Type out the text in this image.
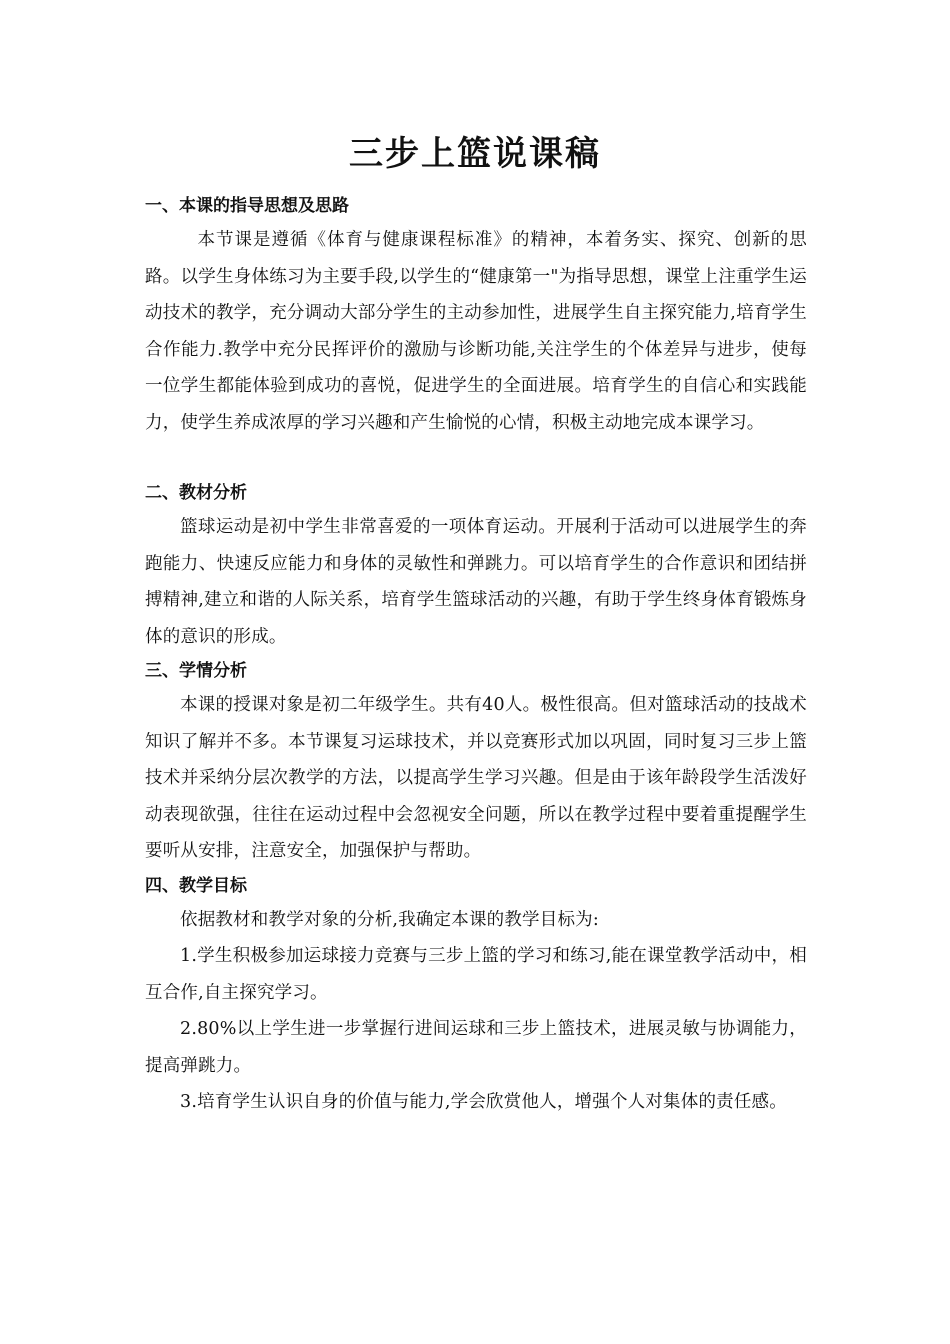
三步上篮说课稿
一、本课的指导思想及思路

本节课是遵循《体育与健康课程标准》的精神，本着务实、探究、创新的思路。以学生身体练习为主要手段,以学生的“健康第一"为指导思想，课堂上注重学生运动技术的教学，充分调动大部分学生的主动参加性，进展学生自主探究能力,培育学生合作能力.教学中充分民挥评价的激励与诊断功能,关注学生的个体差异与进步，使每一位学生都能体验到成功的喜悦，促进学生的全面进展。培育学生的自信心和实践能力，使学生养成浓厚的学习兴趣和产生愉悦的心情，积极主动地完成本课学习。

二、教材分析

篮球运动是初中学生非常喜爱的一项体育运动。开展利于活动可以进展学生的奔跑能力、快速反应能力和身体的灵敏性和弹跳力。可以培育学生的合作意识和团结拼搏精神,建立和谐的人际关系，培育学生篮球活动的兴趣，有助于学生终身体育锻炼身体的意识的形成。

三、学情分析

本课的授课对象是初二年级学生。共有40人。极性很高。但对篮球活动的技战术知识了解并不多。本节课复习运球技术，并以竞赛形式加以巩固，同时复习三步上篮技术并采纳分层次教学的方法，以提高学生学习兴趣。但是由于该年龄段学生活泼好动表现欲强，往往在运动过程中会忽视安全问题，所以在教学过程中要着重提醒学生要听从安排，注意安全，加强保护与帮助。

四、教学目标

依据教材和教学对象的分析,我确定本课的教学目标为:

1.学生积极参加运球接力竞赛与三步上篮的学习和练习,能在课堂教学活动中，相互合作,自主探究学习。

2.80%以上学生进一步掌握行进间运球和三步上篮技术，进展灵敏与协调能力，提高弹跳力。

3.培育学生认识自身的价值与能力,学会欣赏他人，增强个人对集体的责任感。
